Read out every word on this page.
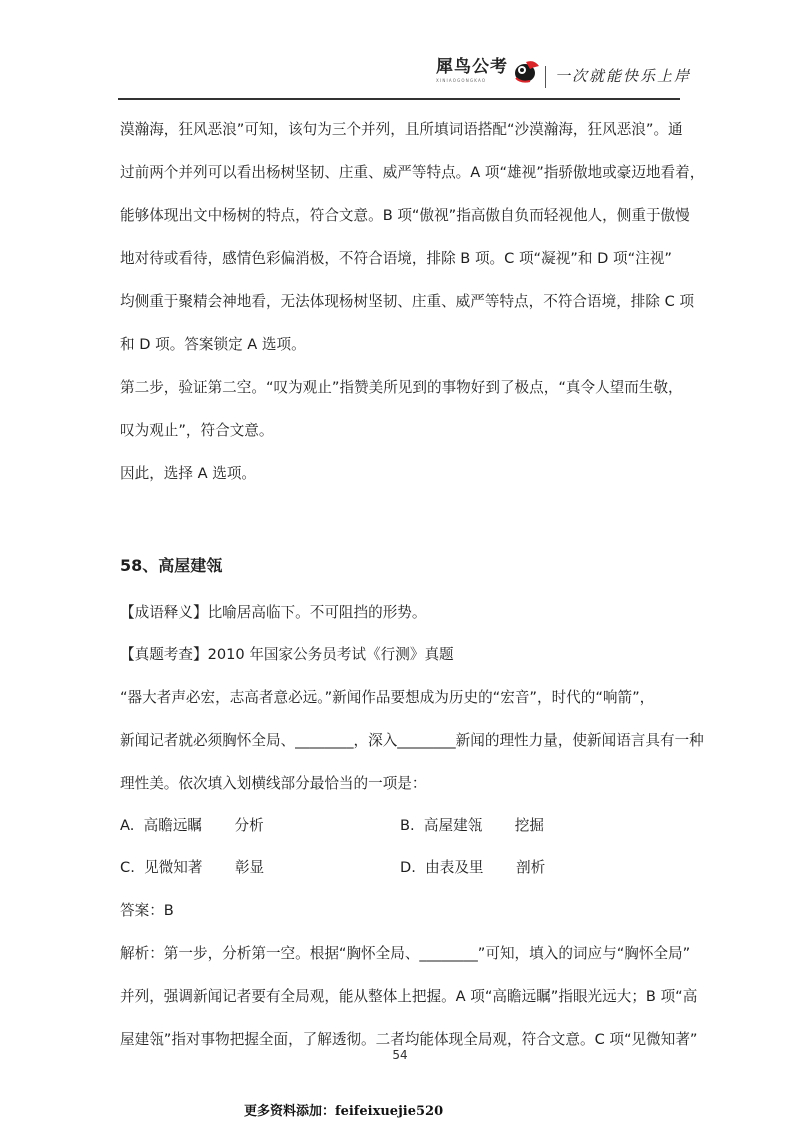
犀鸟公考
XINIAOGONGKAO	一次就能快乐上岸

漠瀚海，狂风恶浪”可知，该句为三个并列，且所填词语搭配“沙漠瀚海，狂风恶浪”。通

过前两个并列可以看出杨树坚韧、庄重、威严等特点。A 项“雄视”指骄傲地或豪迈地看着，

能够体现出文中杨树的特点，符合文意。B 项“傲视”指高傲自负而轻视他人，侧重于傲慢

地对待或看待，感情色彩偏消极，不符合语境，排除 B 项。C 项“凝视”和 D 项“注视”

均侧重于聚精会神地看，无法体现杨树坚韧、庄重、威严等特点，不符合语境，排除 C 项

和 D 项。答案锁定 A 选项。

第二步，验证第二空。“叹为观止”指赞美所见到的事物好到了极点，“真令人望而生敬，

叹为观止”，符合文意。

因此，选择 A 选项。

58、高屋建瓴

【成语释义】比喻居高临下。不可阻挡的形势。

【真题考查】2010 年国家公务员考试《行测》真题

“器大者声必宏，志高者意必远。”新闻作品要想成为历史的“宏音”，时代的“响箭”，

新闻记者就必须胸怀全局、________，深入________新闻的理性力量，使新闻语言具有一种

理性美。依次填入划横线部分最恰当的一项是：

A.  高瞻远瞩       分析	B.  高屋建瓴       挖掘
C.  见微知著       彰显	D.  由表及里       剖析

答案：B

解析：第一步，分析第一空。根据“胸怀全局、________”可知，填入的词应与“胸怀全局”

并列，强调新闻记者要有全局观，能从整体上把握。A 项“高瞻远瞩”指眼光远大；B 项“高

屋建瓴”指对事物把握全面，了解透彻。二者均能体现全局观，符合文意。C 项“见微知著”

54
更多资料添加：feifeixuejie520
